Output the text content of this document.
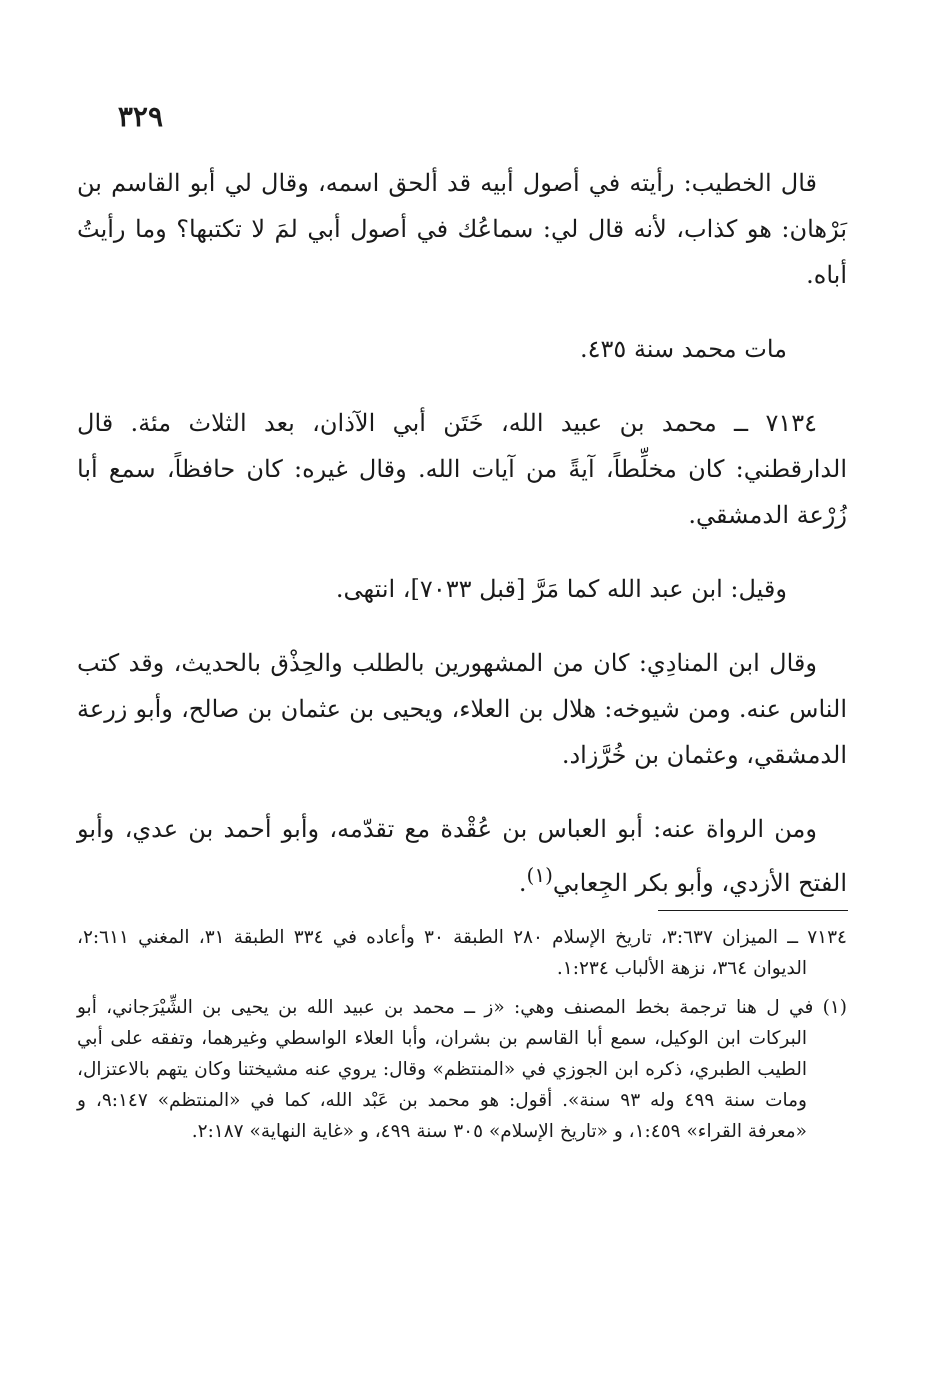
٣٢٩

قال الخطيب: رأيته في أصول أبيه قد ألحق اسمه، وقال لي أبو القاسم بن بَرْهان: هو كذاب، لأنه قال لي: سماعُك في أصول أبي لمَ لا تكتبها؟ وما رأيتُ أباه.

مات محمد سنة ٤٣٥.

٧١٣٤ ــ محمد بن عبيد الله، خَتَن أبي الآذان، بعد الثلاث مئة. قال الدارقطني: كان مخلِّطاً، آيةً من آيات الله. وقال غيره: كان حافظاً، سمع أبا زُرْعة الدمشقي.

وقيل: ابن عبد الله كما مَرَّ [قبل ٧٠٣٣]، انتهى.

وقال ابن المنادِي: كان من المشهورين بالطلب والحِذْق بالحديث، وقد كتب الناس عنه. ومن شيوخه: هلال بن العلاء، ويحيى بن عثمان بن صالح، وأبو زرعة الدمشقي، وعثمان بن خُرَّزاد.

ومن الرواة عنه: أبو العباس بن عُقْدة مع تقدّمه، وأبو أحمد بن عدي، وأبو الفتح الأزدي، وأبو بكر الجِعابي$^{(١)}$.

٧١٣٤ ــ الميزان ٣:٦٣٧، تاريخ الإسلام ٢٨٠ الطبقة ٣٠ وأعاده في ٣٣٤ الطبقة ٣١، المغني ٢:٦١١، الديوان ٣٦٤، نزهة الألباب ١:٢٣٤.

(١) في ل هنا ترجمة بخط المصنف وهي: «ز ــ محمد بن عبيد الله بن يحيى بن الشِّيْرَجاني، أبو البركات ابن الوكيل، سمع أبا القاسم بن بشران، وأبا العلاء الواسطي وغيرهما، وتفقه على أبي الطيب الطبري، ذكره ابن الجوزي في «المنتظم» وقال: يروي عنه مشيختنا وكان يتهم بالاعتزال، ومات سنة ٤٩٩ وله ٩٣ سنة». أقول: هو محمد بن عَبْد الله، كما في «المنتظم» ٩:١٤٧، و «معرفة القراء» ١:٤٥٩، و «تاريخ الإسلام» ٣٠٥ سنة ٤٩٩، و «غاية النهاية» ٢:١٨٧.
